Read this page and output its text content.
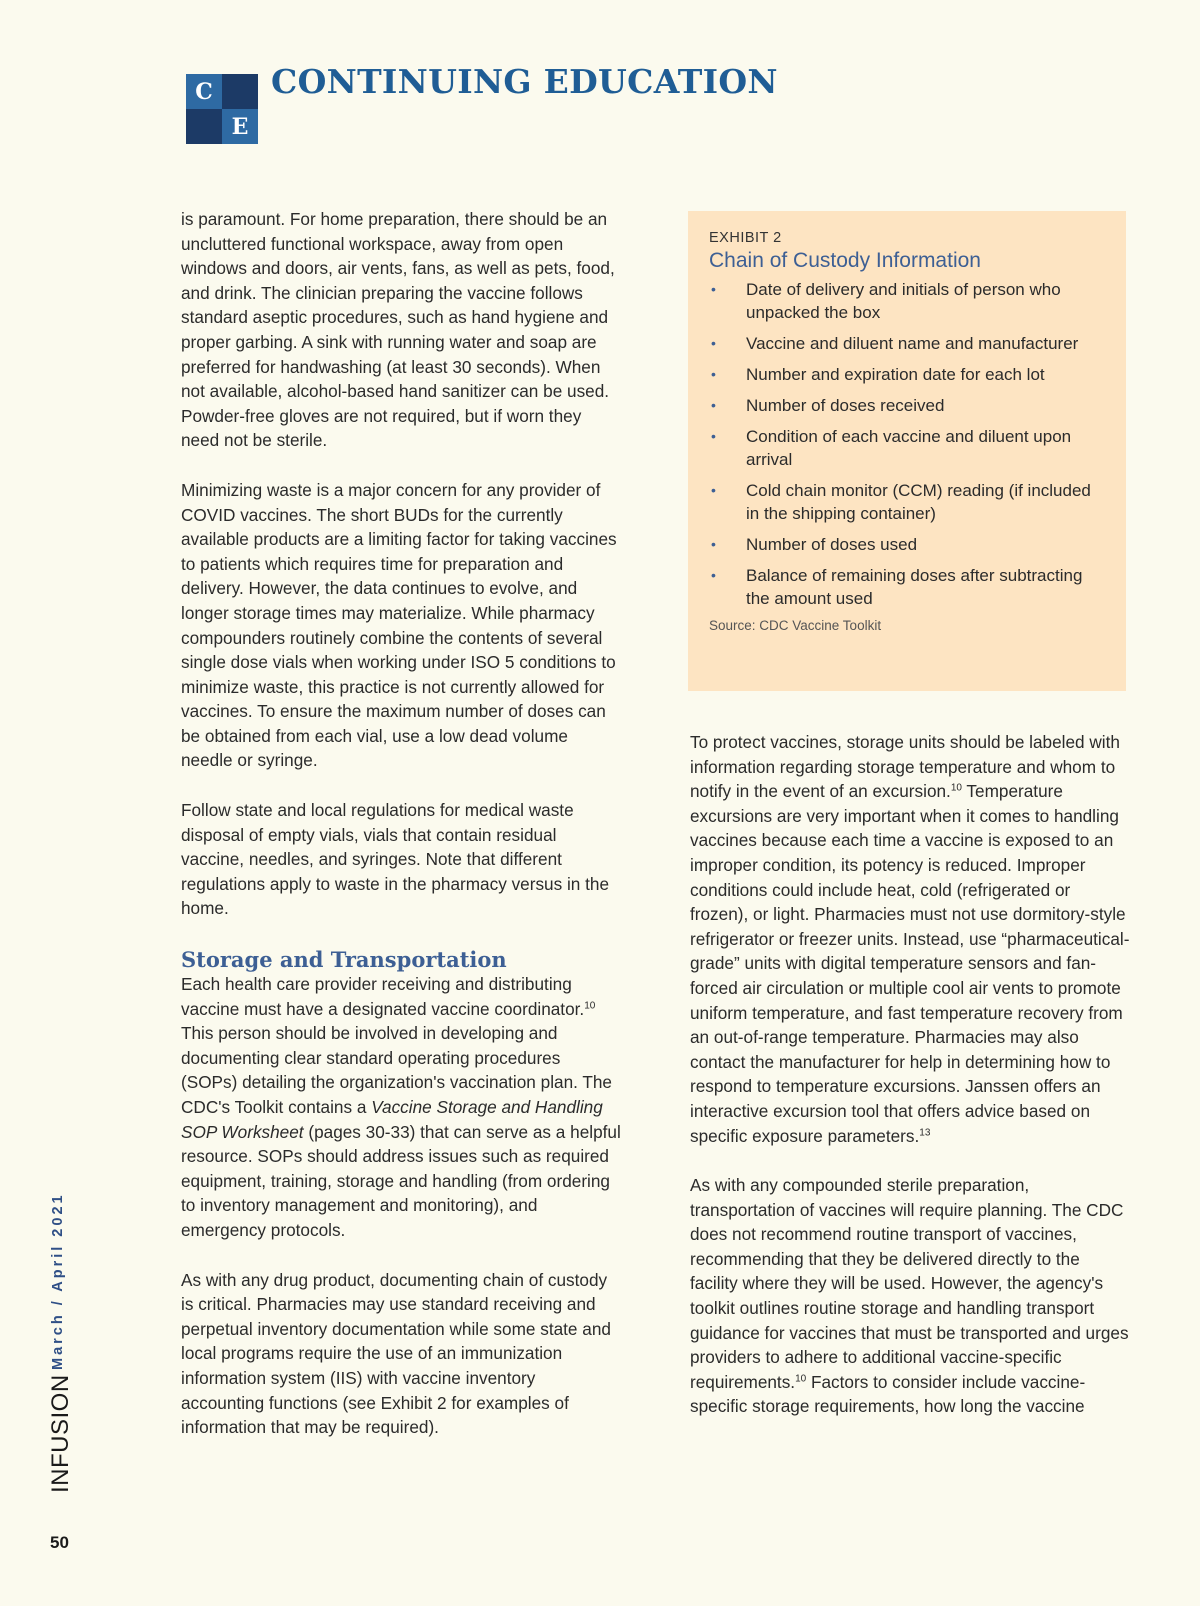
C
E
CONTINUING EDUCATION

is paramount. For home preparation, there should be an uncluttered functional workspace, away from open windows and doors, air vents, fans, as well as pets, food, and drink. The clinician preparing the vaccine follows standard aseptic procedures, such as hand hygiene and proper garbing. A sink with running water and soap are preferred for handwashing (at least 30 seconds). When not available, alcohol-based hand sanitizer can be used. Powder-free gloves are not required, but if worn they need not be sterile.

Minimizing waste is a major concern for any provider of COVID vaccines. The short BUDs for the currently available products are a limiting factor for taking vaccines to patients which requires time for preparation and delivery. However, the data continues to evolve, and longer storage times may materialize. While pharmacy compounders routinely combine the contents of several single dose vials when working under ISO 5 conditions to minimize waste, this practice is not currently allowed for vaccines. To ensure the maximum number of doses can be obtained from each vial, use a low dead volume needle or syringe.

Follow state and local regulations for medical waste disposal of empty vials, vials that contain residual vaccine, needles, and syringes. Note that different regulations apply to waste in the pharmacy versus in the home.

Storage and Transportation

Each health care provider receiving and distributing vaccine must have a designated vaccine coordinator.$^{10}$ This person should be involved in developing and documenting clear standard operating procedures (SOPs) detailing the organization's vaccination plan. The CDC's Toolkit contains a Vaccine Storage and Handling SOP Worksheet (pages 30-33) that can serve as a helpful resource. SOPs should address issues such as required equipment, training, storage and handling (from ordering to inventory management and monitoring), and emergency protocols.

As with any drug product, documenting chain of custody is critical. Pharmacies may use standard receiving and perpetual inventory documentation while some state and local programs require the use of an immunization information system (IIS) with vaccine inventory accounting functions (see Exhibit 2 for examples of information that may be required).

EXHIBIT 2

Chain of Custody Information

• Date of delivery and initials of person who unpacked the box
• Vaccine and diluent name and manufacturer
• Number and expiration date for each lot
• Number of doses received
• Condition of each vaccine and diluent upon arrival
• Cold chain monitor (CCM) reading (if included in the shipping container)
• Number of doses used
• Balance of remaining doses after subtracting the amount used
Source: CDC Vaccine Toolkit

To protect vaccines, storage units should be labeled with information regarding storage temperature and whom to notify in the event of an excursion.$^{10}$ Temperature excursions are very important when it comes to handling vaccines because each time a vaccine is exposed to an improper condition, its potency is reduced. Improper conditions could include heat, cold (refrigerated or frozen), or light. Pharmacies must not use dormitory-style refrigerator or freezer units. Instead, use “pharmaceutical-grade” units with digital temperature sensors and fan-forced air circulation or multiple cool air vents to promote uniform temperature, and fast temperature recovery from an out-of-range temperature. Pharmacies may also contact the manufacturer for help in determining how to respond to temperature excursions. Janssen offers an interactive excursion tool that offers advice based on specific exposure parameters.$^{13}$

As with any compounded sterile preparation, transportation of vaccines will require planning. The CDC does not recommend routine transport of vaccines, recommending that they be delivered directly to the facility where they will be used. However, the agency's toolkit outlines routine storage and handling transport guidance for vaccines that must be transported and urges providers to adhere to additional vaccine-specific requirements.$^{10}$ Factors to consider include vaccine-specific storage requirements, how long the vaccine

March / April 2021
INFUSION
50
